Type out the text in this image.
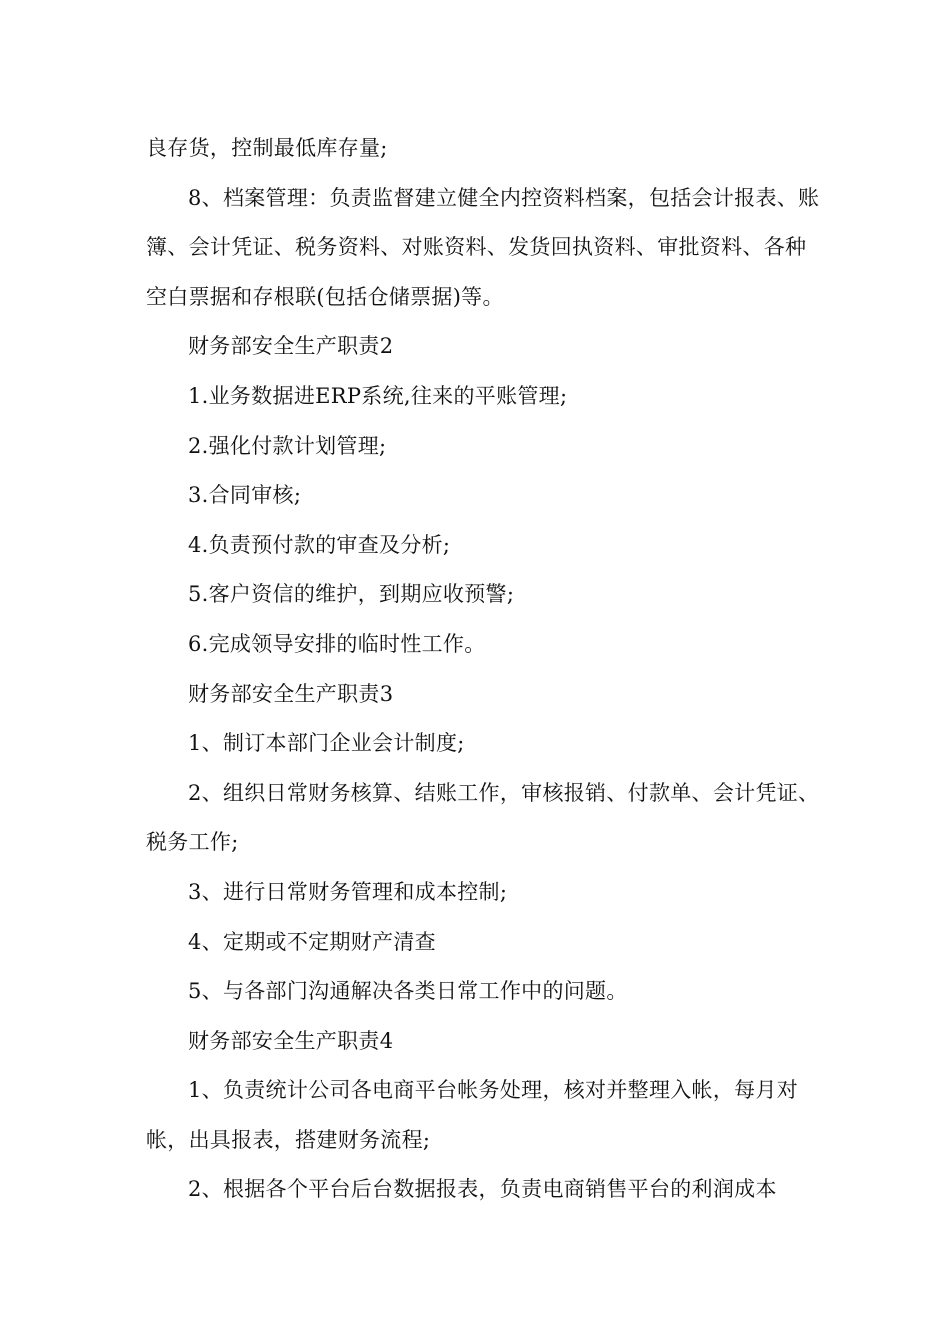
良存货，控制最低库存量;

8、档案管理：负责监督建立健全内控资料档案，包括会计报表、账簿、会计凭证、税务资料、对账资料、发货回执资料、审批资料、各种空白票据和存根联(包括仓储票据)等。

财务部安全生产职责2

1.业务数据进ERP系统,往来的平账管理;

2.强化付款计划管理;

3.合同审核;

4.负责预付款的审查及分析;

5.客户资信的维护，到期应收预警;

6.完成领导安排的临时性工作。

财务部安全生产职责3

1、制订本部门企业会计制度;

2、组织日常财务核算、结账工作，审核报销、付款单、会计凭证、税务工作;

3、进行日常财务管理和成本控制;

4、定期或不定期财产清查

5、与各部门沟通解决各类日常工作中的问题。

财务部安全生产职责4

1、负责统计公司各电商平台帐务处理，核对并整理入帐，每月对帐，出具报表，搭建财务流程;

2、根据各个平台后台数据报表，负责电商销售平台的利润成本
